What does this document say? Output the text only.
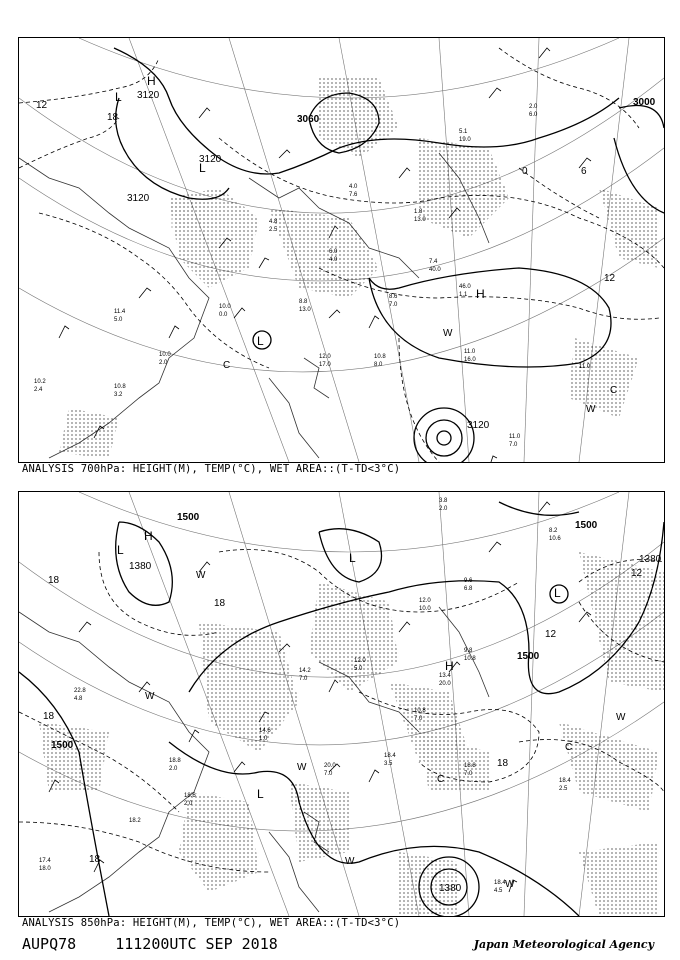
11.4
5.0
10.0
2.0
10.0
0.0
4.8
2.5
6.0
4.0
8.6
7.0
7.4
40.0
46.0
1.1
1.8
13.0
5.1
19.0
2.0
6.0
11.0
16.0
12.0
17.0
10.8
8.0	11.0
11.0
7.0
10.8
3.2
10.2
2.4
4.0
7.6
8.8
13.0
3120
3120
3120
3060
3000
3120
12
18
12
0	6
H
L
L
H
L
C
W
C
W
ANALYSIS 700hPa: HEIGHT(M), TEMP(°C), WET AREA::(T-TD<3°C)
18.8
2.0
18.6
2.0
14.6
1.0
14.2
7.0
12.0
5.0
12.0
10.0
9.6
6.8
9.8
10.8
13.4
20.0
10.8
7.0
18.8
7.0
18.4
3.5
20.0
7.0
18.4
4.5
18.4
2.5
18.2
17.4
18.0
22.8
4.8
3.8
2.0
8.2
10.6
1500
1380
1500
1380
1500
1500
1380
18
18
12
18
18
18
12
H
L
L
H
L
L
W
W
C
W
W
C
W
W
ANALYSIS 850hPa: HEIGHT(M), TEMP(°C), WET AREA::(T-TD<3°C)
AUPQ78	111200UTC SEP 2018	Japan Meteorological Agency
